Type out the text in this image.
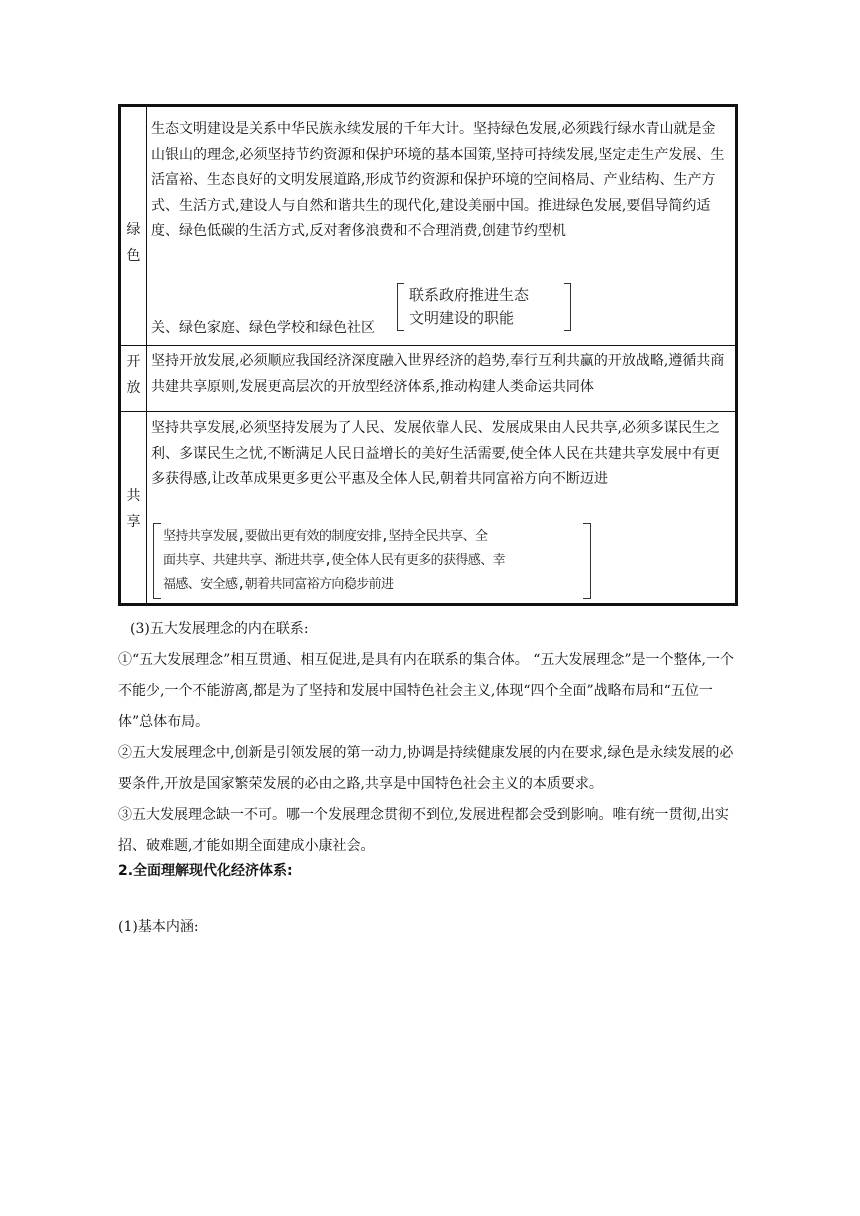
绿色
生态文明建设是关系中华民族永续发展的千年大计。坚持绿色发展,必须践行绿水青山就是金山银山的理念,必须坚持节约资源和保护环境的基本国策,坚持可持续发展,坚定走生产发展、生活富裕、生态良好的文明发展道路,形成节约资源和保护环境的空间格局、产业结构、生产方式、生活方式,建设人与自然和谐共生的现代化,建设美丽中国。推进绿色发展,要倡导简约适度、绿色低碳的生活方式,反对奢侈浪费和不合理消费,创建节约型机
关、绿色家庭、绿色学校和绿色社区
联系政府推进生态
文明建设的职能
开放
坚持开放发展,必须顺应我国经济深度融入世界经济的趋势,奉行互利共赢的开放战略,遵循共商共建共享原则,发展更高层次的开放型经济体系,推动构建人类命运共同体
共享
坚持共享发展,必须坚持发展为了人民、发展依靠人民、发展成果由人民共享,必须多谋民生之利、多谋民生之忧,不断满足人民日益增长的美好生活需要,使全体人民在共建共享发展中有更多获得感,让改革成果更多更公平惠及全体人民,朝着共同富裕方向不断迈进
坚持共享发展,要做出更有效的制度安排,坚持全民共享、全
面共享、共建共享、渐进共享,使全体人民有更多的获得感、幸
福感、安全感,朝着共同富裕方向稳步前进
(3)五大发展理念的内在联系:
①“五大发展理念”相互贯通、相互促进,是具有内在联系的集合体。 “五大发展理念”是一个整体,一个不能少,一个不能游离,都是为了坚持和发展中国特色社会主义,体现“四个全面”战略布局和“五位一体”总体布局。
②五大发展理念中,创新是引领发展的第一动力,协调是持续健康发展的内在要求,绿色是永续发展的必要条件,开放是国家繁荣发展的必由之路,共享是中国特色社会主义的本质要求。
③五大发展理念缺一不可。哪一个发展理念贯彻不到位,发展进程都会受到影响。唯有统一贯彻,出实招、破难题,才能如期全面建成小康社会。
2.全面理解现代化经济体系:
(1)基本内涵:
